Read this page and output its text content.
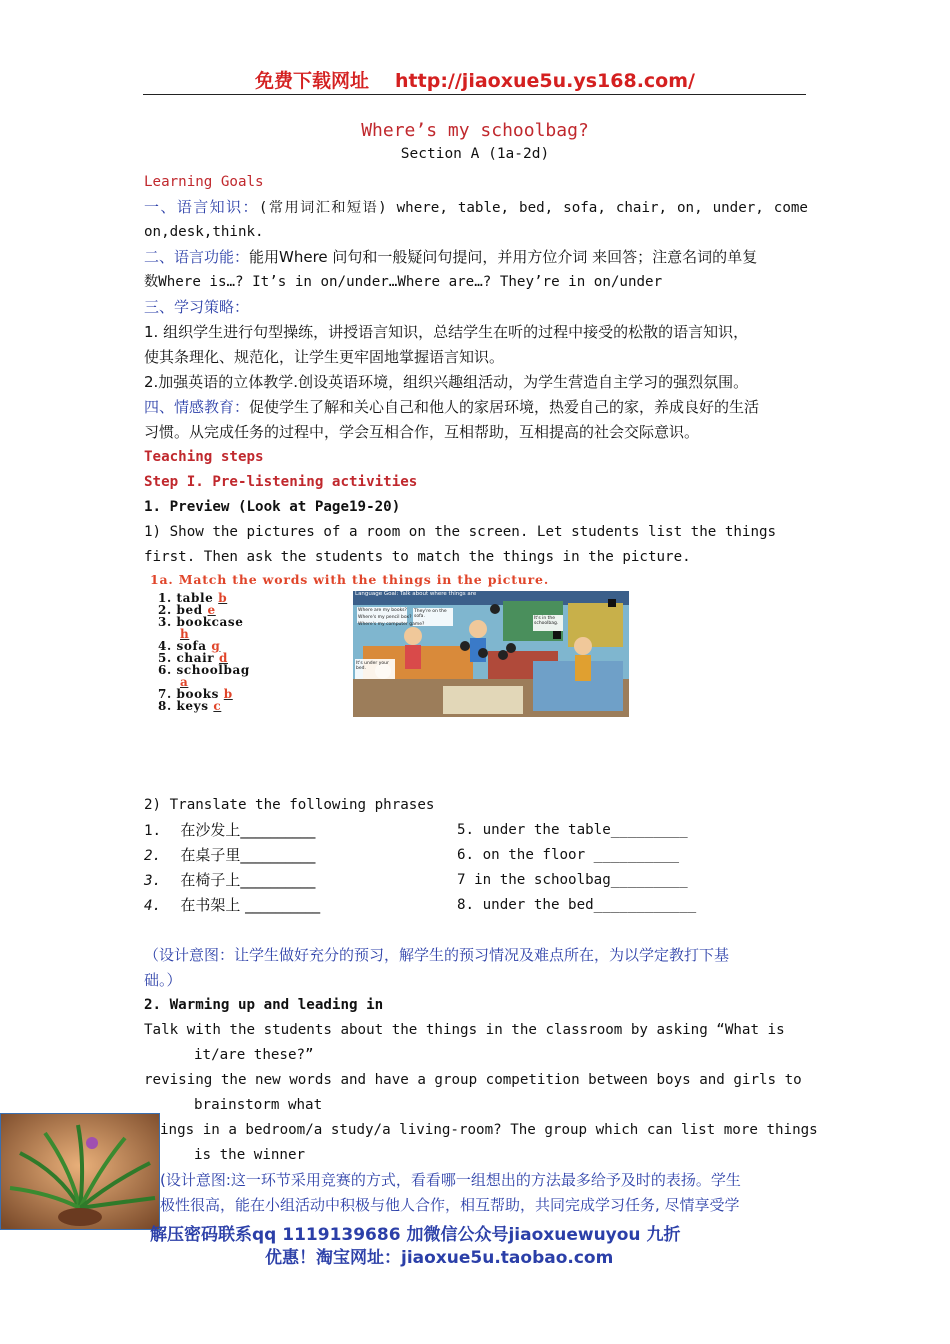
免费下载网址 http://jiaoxue5u.ys168.com/
Where’s my schoolbag?
Section A (1a-2d)
Learning Goals
一、语言知识：(常用词汇和短语) where, table, bed, sofa, chair, on, under, come
on,desk,think.
二、语言功能：能用Where 问句和一般疑问句提问，并用方位介词 来回答；注意名词的单复
数Where is…? It’s in on/under…Where are…? They’re in on/under
三、学习策略：
1. 组织学生进行句型操练，讲授语言知识，总结学生在听的过程中接受的松散的语言知识，
使其条理化、规范化，让学生更牢固地掌握语言知识。
2.加强英语的立体教学.创设英语环境，组织兴趣组活动，为学生营造自主学习的强烈氛围。
四、情感教育：促使学生了解和关心自己和他人的家居环境，热爱自己的家，养成良好的生活
习惯。从完成任务的过程中，学会互相合作，互相帮助，互相提高的社会交际意识。
Teaching steps
Step I. Pre-listening activities
1. Preview (Look at Page19-20)
1) Show the pictures of a room on the screen. Let students list the things
first. Then ask the students to match the things in the picture.
1a. Match the words with the things in the picture.
1. table b
2. bed e
3. bookcase
h
4. sofa g
5. chair d
6. schoolbag
a
7. books b
8. keys c
Language Goal: Talk about where things are
Where are my books? They're on the sofa.
Where's my pencil box?	It's in the schoolbag.
Where's my computer game?
It's under your bed.
2) Translate the following phrases
1. 在沙发上__________
2. 在桌子里__________
3. 在椅子上__________
4. 在书架上 __________
5. under the table_________
6. on the floor __________
7 in the schoolbag_________
8. under the bed____________
（设计意图：让学生做好充分的预习，解学生的预习情况及难点所在，为以学定教打下基
础。）
2. Warming up and leading in
Talk with the students about the things in the classroom by asking “What is
it/are these?”
revising the new words and have a group competition between boys and girls to
brainstorm what
ings in a bedroom/a study/a living-room? The group which can list more things
is the winner
(设计意图:这一环节采用竞赛的方式，看看哪一组想出的方法最多给予及时的表扬。学生
极性很高，能在小组活动中积极与他人合作，相互帮助，共同完成学习任务, 尽情享受学
解压密码联系qq 1119139686 加微信公众号jiaoxuewuyou 九折
优惠！淘宝网址：jiaoxue5u.taobao.com
